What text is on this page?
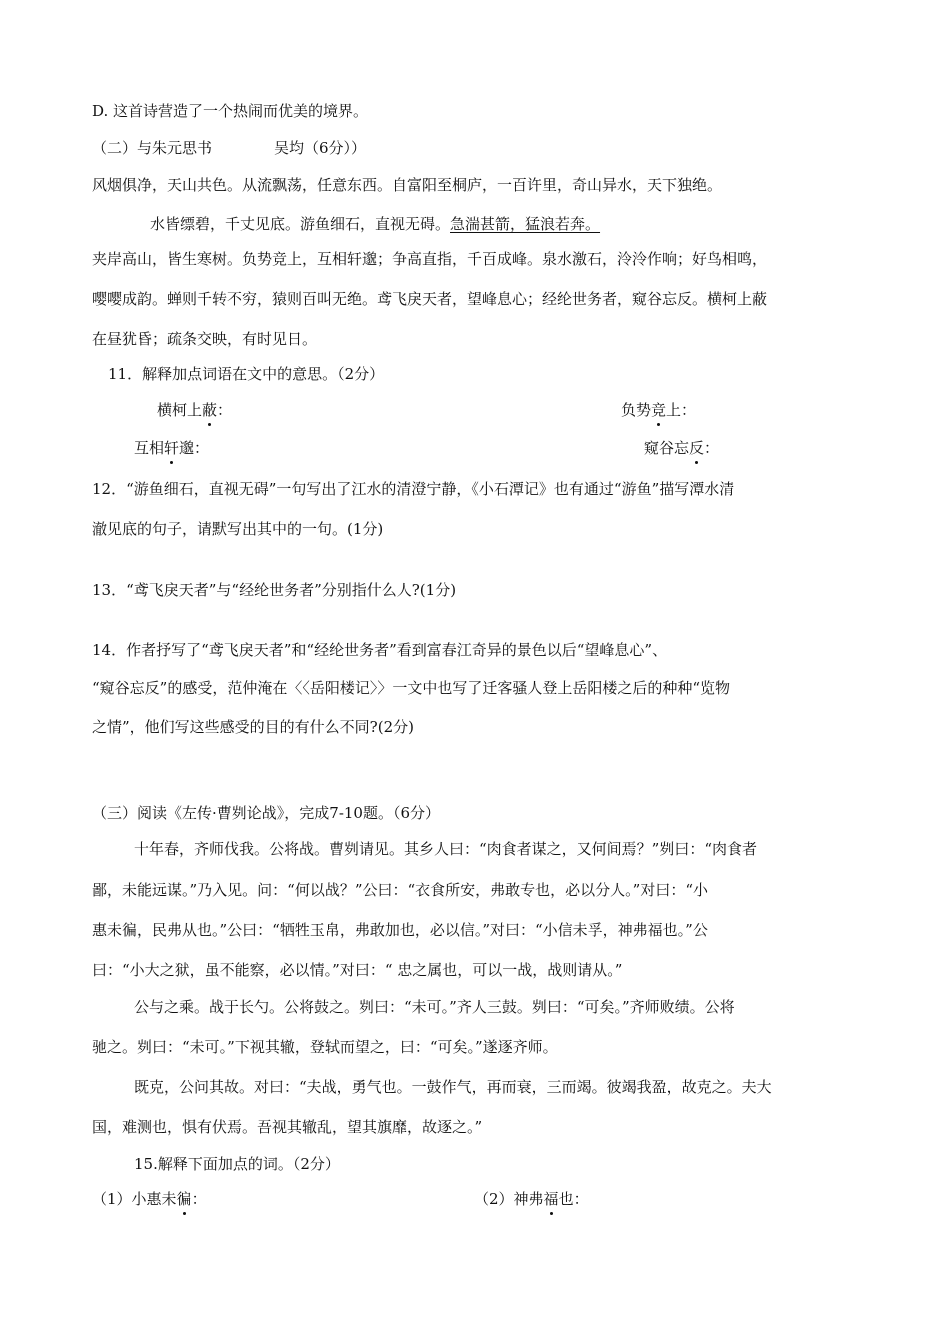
D. 这首诗营造了一个热闹而优美的境界。
（二）与朱元思书	吴均（6分））
风烟俱净，天山共色。从流飘荡，任意东西。自富阳至桐庐，一百许里，奇山异水，天下独绝。
水皆缥碧，千丈见底。游鱼细石，直视无碍。急湍甚箭，猛浪若奔。
夹岸高山，皆生寒树。负势竞上，互相轩邈；争高直指，千百成峰。泉水激石，泠泠作响；好鸟相鸣，
嘤嘤成韵。蝉则千转不穷，猿则百叫无绝。鸢飞戾天者，望峰息心；经纶世务者，窥谷忘反。横柯上蔽
在昼犹昏；疏条交映，有时见日。
11．解释加点词语在文中的意思。（2分）
横柯上蔽：	负势竞上：
互相轩邈：	窥谷忘反：
12．“游鱼细石，直视无碍”一句写出了江水的清澄宁静，《小石潭记》也有通过“游鱼”描写潭水清
澈见底的句子，请默写出其中的一句。(1分)
13．“鸢飞戾天者”与“经纶世务者”分别指什么人?(1分)
14．作者抒写了“鸢飞戾天者”和“经纶世务者”看到富春江奇异的景色以后“望峰息心”、
“窥谷忘反”的感受，范仲淹在〈〈岳阳楼记〉〉一文中也写了迁客骚人登上岳阳楼之后的种种“览物
之情”，他们写这些感受的目的有什么不同?(2分)
（三）阅读《左传·曹刿论战》，完成7-10题。（6分）
十年春，齐师伐我。公将战。曹刿请见。其乡人曰：“肉食者谋之，又何间焉？”刿曰：“肉食者
鄙，未能远谋。”乃入见。问：“何以战？”公曰：“衣食所安，弗敢专也，必以分人。”对曰：“小
惠未徧，民弗从也。”公曰：“牺牲玉帛，弗敢加也，必以信。”对曰：“小信未孚，神弗福也。”公
曰：“小大之狱，虽不能察，必以情。”对曰：“ 忠之属也，可以一战，战则请从。”
公与之乘。战于长勺。公将鼓之。刿曰：“未可。”齐人三鼓。刿曰：“可矣。”齐师败绩。公将
驰之。刿曰：“未可。”下视其辙，登轼而望之，曰：“可矣。”遂逐齐师。
既克，公问其故。对曰：“夫战，勇气也。一鼓作气，再而衰，三而竭。彼竭我盈，故克之。夫大
国，难测也，惧有伏焉。吾视其辙乱，望其旗靡，故逐之。”
15.解释下面加点的词。（2分）
（1）小惠未徧：	（2）神弗福也：
